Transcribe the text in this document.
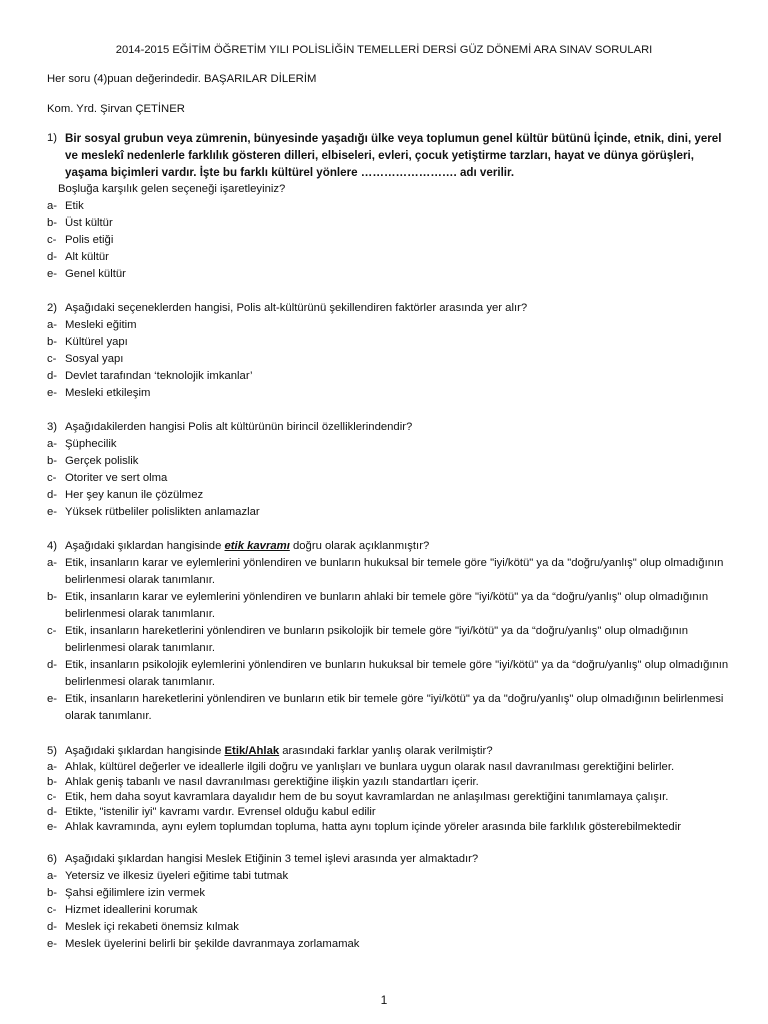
2014-2015 EĞİTİM ÖĞRETİM YILI POLİSLİĞİN TEMELLERİ DERSİ GÜZ DÖNEMİ ARA SINAV SORULARI
Her soru (4)puan değerindedir. BAŞARILAR DİLERİM
Kom. Yrd. Şirvan ÇETİNER
1) Bir sosyal grubun veya zümrenin, bünyesinde yaşadığı ülke veya toplumun genel kültür bütünü İçinde, etnik, dini, yerel ve meslekî nedenlerle farklılık gösteren dilleri, elbiseleri, evleri, çocuk yetiştirme tarzları, hayat ve dünya görüşleri, yaşama biçimleri vardır. İşte bu farklı kültürel yönlere ……………………. adı verilir.
Boşluğa karşılık gelen seçeneği işaretleyiniz?
a- Etik
b- Üst kültür
c- Polis etiği
d- Alt kültür
e- Genel kültür
2) Aşağıdaki seçeneklerden hangisi, Polis alt-kültürünü şekillendiren faktörler arasında yer alır?
a- Mesleki eğitim
b- Kültürel yapı
c- Sosyal yapı
d- Devlet tarafından ‘teknolojik imkanlar’
e- Mesleki etkileşim
3) Aşağıdakilerden hangisi Polis alt kültürünün birincil özelliklerindendir?
a- Şüphecilik
b- Gerçek polislik
c- Otoriter ve sert olma
d- Her şey kanun ile çözülmez
e- Yüksek rütbeliler polislikten anlamazlar
4) Aşağıdaki şıklardan hangisinde etik kavramı doğru olarak açıklanmıştır?
a- Etik, insanların karar ve eylemlerini yönlendiren ve bunların hukuksal bir temele göre "iyi/kötü" ya da "doğru/yanlış" olup olmadığının belirlenmesi olarak tanımlanır.
b- Etik, insanların karar ve eylemlerini yönlendiren ve bunların ahlaki bir temele göre "iyi/kötü" ya da “doğru/yanlış" olup olmadığının belirlenmesi olarak tanımlanır.
c- Etik, insanların hareketlerini yönlendiren ve bunların psikolojik bir temele göre "iyi/kötü" ya da “doğru/yanlış" olup olmadığının belirlenmesi olarak tanımlanır.
d- Etik, insanların psikolojik eylemlerini yönlendiren ve bunların hukuksal bir temele göre "iyi/kötü" ya da “doğru/yanlış" olup olmadığının belirlenmesi olarak tanımlanır.
e- Etik, insanların hareketlerini yönlendiren ve bunların etik bir temele göre "iyi/kötü" ya da "doğru/yanlış" olup olmadığının belirlenmesi olarak tanımlanır.
5) Aşağıdaki şıklardan hangisinde Etik/Ahlak arasındaki farklar yanlış olarak verilmiştir?
a- Ahlak, kültürel değerler ve ideallerle ilgili doğru ve yanlışları ve bunlara uygun olarak nasıl davranılması gerektiğini belirler.
b- Ahlak geniş tabanlı ve nasıl davranılması gerektiğine ilişkin yazılı standartları içerir.
c- Etik, hem daha soyut kavramlara dayalıdır hem de bu soyut kavramlardan ne anlaşılması gerektiğini tanımlamaya çalışır.
d- Etikte, "istenilir iyi" kavramı vardır. Evrensel olduğu kabul edilir
e- Ahlak kavramında, aynı eylem toplumdan topluma, hatta aynı toplum içinde yöreler arasında bile farklılık gösterebilmektedir
6) Aşağıdaki şıklardan hangisi Meslek Etiğinin 3 temel işlevi arasında yer almaktadır?
a- Yetersiz ve ilkesiz üyeleri eğitime tabi tutmak
b- Şahsi eğilimlere izin vermek
c- Hizmet ideallerini korumak
d- Meslek içi rekabeti önemsiz kılmak
e- Meslek üyelerini belirli bir şekilde davranmaya zorlamamak
1
